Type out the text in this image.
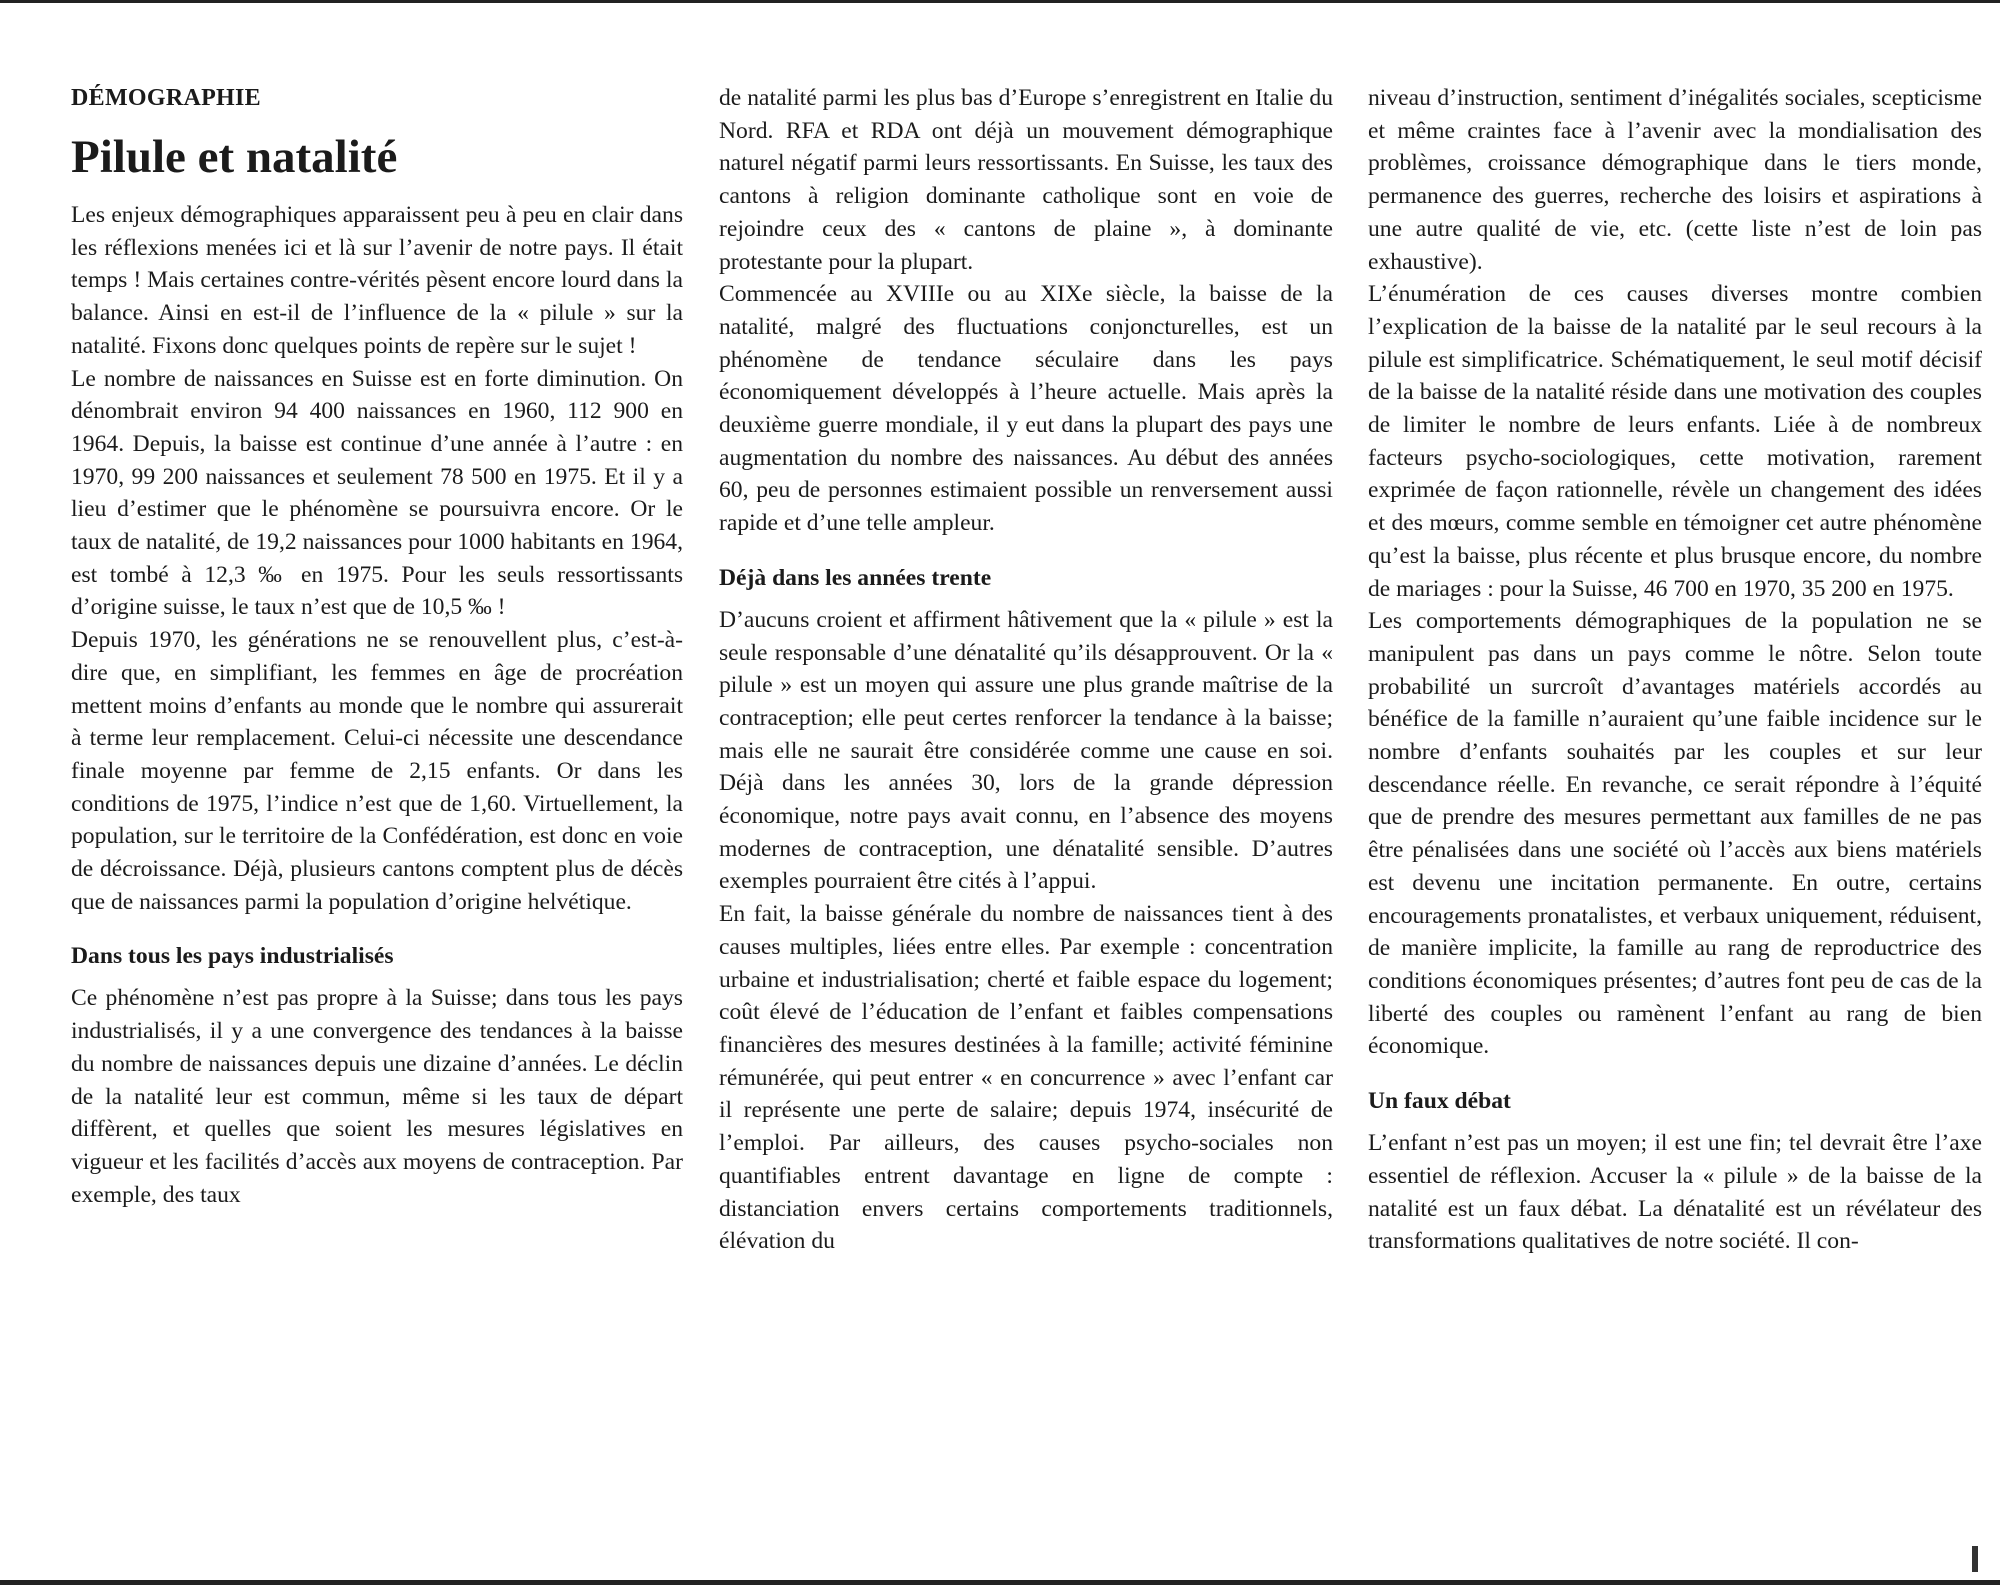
DÉMOGRAPHIE
Pilule et natalité

Les enjeux démographiques apparaissent peu à peu en clair dans les réflexions menées ici et là sur l’avenir de notre pays. Il était temps ! Mais certaines contre-vérités pèsent encore lourd dans la balance. Ainsi en est-il de l’influence de la « pilule » sur la natalité. Fixons donc quelques points de repère sur le sujet !

Le nombre de naissances en Suisse est en forte diminution. On dénombrait environ 94 400 naissances en 1960, 112 900 en 1964. Depuis, la baisse est continue d’une année à l’autre : en 1970, 99 200 naissances et seulement 78 500 en 1975. Et il y a lieu d’estimer que le phénomène se poursuivra encore. Or le taux de natalité, de 19,2 naissances pour 1000 habitants en 1964, est tombé à 12,3 ‰ en 1975. Pour les seuls ressortissants d’origine suisse, le taux n’est que de 10,5 ‰ !

Depuis 1970, les générations ne se renouvellent plus, c’est-à-dire que, en simplifiant, les femmes en âge de procréation mettent moins d’enfants au monde que le nombre qui assurerait à terme leur remplacement. Celui-ci nécessite une descendance finale moyenne par femme de 2,15 enfants. Or dans les conditions de 1975, l’indice n’est que de 1,60. Virtuellement, la population, sur le territoire de la Confédération, est donc en voie de décroissance. Déjà, plusieurs cantons comptent plus de décès que de naissances parmi la population d’origine helvétique.

Dans tous les pays industrialisés

Ce phénomène n’est pas propre à la Suisse; dans tous les pays industrialisés, il y a une convergence des tendances à la baisse du nombre de naissances depuis une dizaine d’années. Le déclin de la natalité leur est commun, même si les taux de départ diffèrent, et quelles que soient les mesures législatives en vigueur et les facilités d’accès aux moyens de contraception. Par exemple, des taux

de natalité parmi les plus bas d’Europe s’enregistrent en Italie du Nord. RFA et RDA ont déjà un mouvement démographique naturel négatif parmi leurs ressortissants. En Suisse, les taux des cantons à religion dominante catholique sont en voie de rejoindre ceux des « cantons de plaine », à dominante protestante pour la plupart.

Commencée au XVIIIe ou au XIXe siècle, la baisse de la natalité, malgré des fluctuations conjoncturelles, est un phénomène de tendance séculaire dans les pays économiquement développés à l’heure actuelle. Mais après la deuxième guerre mondiale, il y eut dans la plupart des pays une augmentation du nombre des naissances. Au début des années 60, peu de personnes estimaient possible un renversement aussi rapide et d’une telle ampleur.

Déjà dans les années trente

D’aucuns croient et affirment hâtivement que la « pilule » est la seule responsable d’une dénatalité qu’ils désapprouvent. Or la « pilule » est un moyen qui assure une plus grande maîtrise de la contraception; elle peut certes renforcer la tendance à la baisse; mais elle ne saurait être considérée comme une cause en soi. Déjà dans les années 30, lors de la grande dépression économique, notre pays avait connu, en l’absence des moyens modernes de contraception, une dénatalité sensible. D’autres exemples pourraient être cités à l’appui.

En fait, la baisse générale du nombre de naissances tient à des causes multiples, liées entre elles. Par exemple : concentration urbaine et industrialisation; cherté et faible espace du logement; coût élevé de l’éducation de l’enfant et faibles compensations financières des mesures destinées à la famille; activité féminine rémunérée, qui peut entrer « en concurrence » avec l’enfant car il représente une perte de salaire; depuis 1974, insécurité de l’emploi. Par ailleurs, des causes psycho-sociales non quantifiables entrent davantage en ligne de compte : distanciation envers certains comportements traditionnels, élévation du

niveau d’instruction, sentiment d’inégalités sociales, scepticisme et même craintes face à l’avenir avec la mondialisation des problèmes, croissance démographique dans le tiers monde, permanence des guerres, recherche des loisirs et aspirations à une autre qualité de vie, etc. (cette liste n’est de loin pas exhaustive).

L’énumération de ces causes diverses montre combien l’explication de la baisse de la natalité par le seul recours à la pilule est simplificatrice. Schématiquement, le seul motif décisif de la baisse de la natalité réside dans une motivation des couples de limiter le nombre de leurs enfants. Liée à de nombreux facteurs psycho-sociologiques, cette motivation, rarement exprimée de façon rationnelle, révèle un changement des idées et des mœurs, comme semble en témoigner cet autre phénomène qu’est la baisse, plus récente et plus brusque encore, du nombre de mariages : pour la Suisse, 46 700 en 1970, 35 200 en 1975.

Les comportements démographiques de la population ne se manipulent pas dans un pays comme le nôtre. Selon toute probabilité un surcroît d’avantages matériels accordés au bénéfice de la famille n’auraient qu’une faible incidence sur le nombre d’enfants souhaités par les couples et sur leur descendance réelle. En revanche, ce serait répondre à l’équité que de prendre des mesures permettant aux familles de ne pas être pénalisées dans une société où l’accès aux biens matériels est devenu une incitation permanente. En outre, certains encouragements pronatalistes, et verbaux uniquement, réduisent, de manière implicite, la famille au rang de reproductrice des conditions économiques présentes; d’autres font peu de cas de la liberté des couples ou ramènent l’enfant au rang de bien économique.

Un faux débat

L’enfant n’est pas un moyen; il est une fin; tel devrait être l’axe essentiel de réflexion. Accuser la « pilule » de la baisse de la natalité est un faux débat. La dénatalité est un révélateur des transformations qualitatives de notre société. Il con-
